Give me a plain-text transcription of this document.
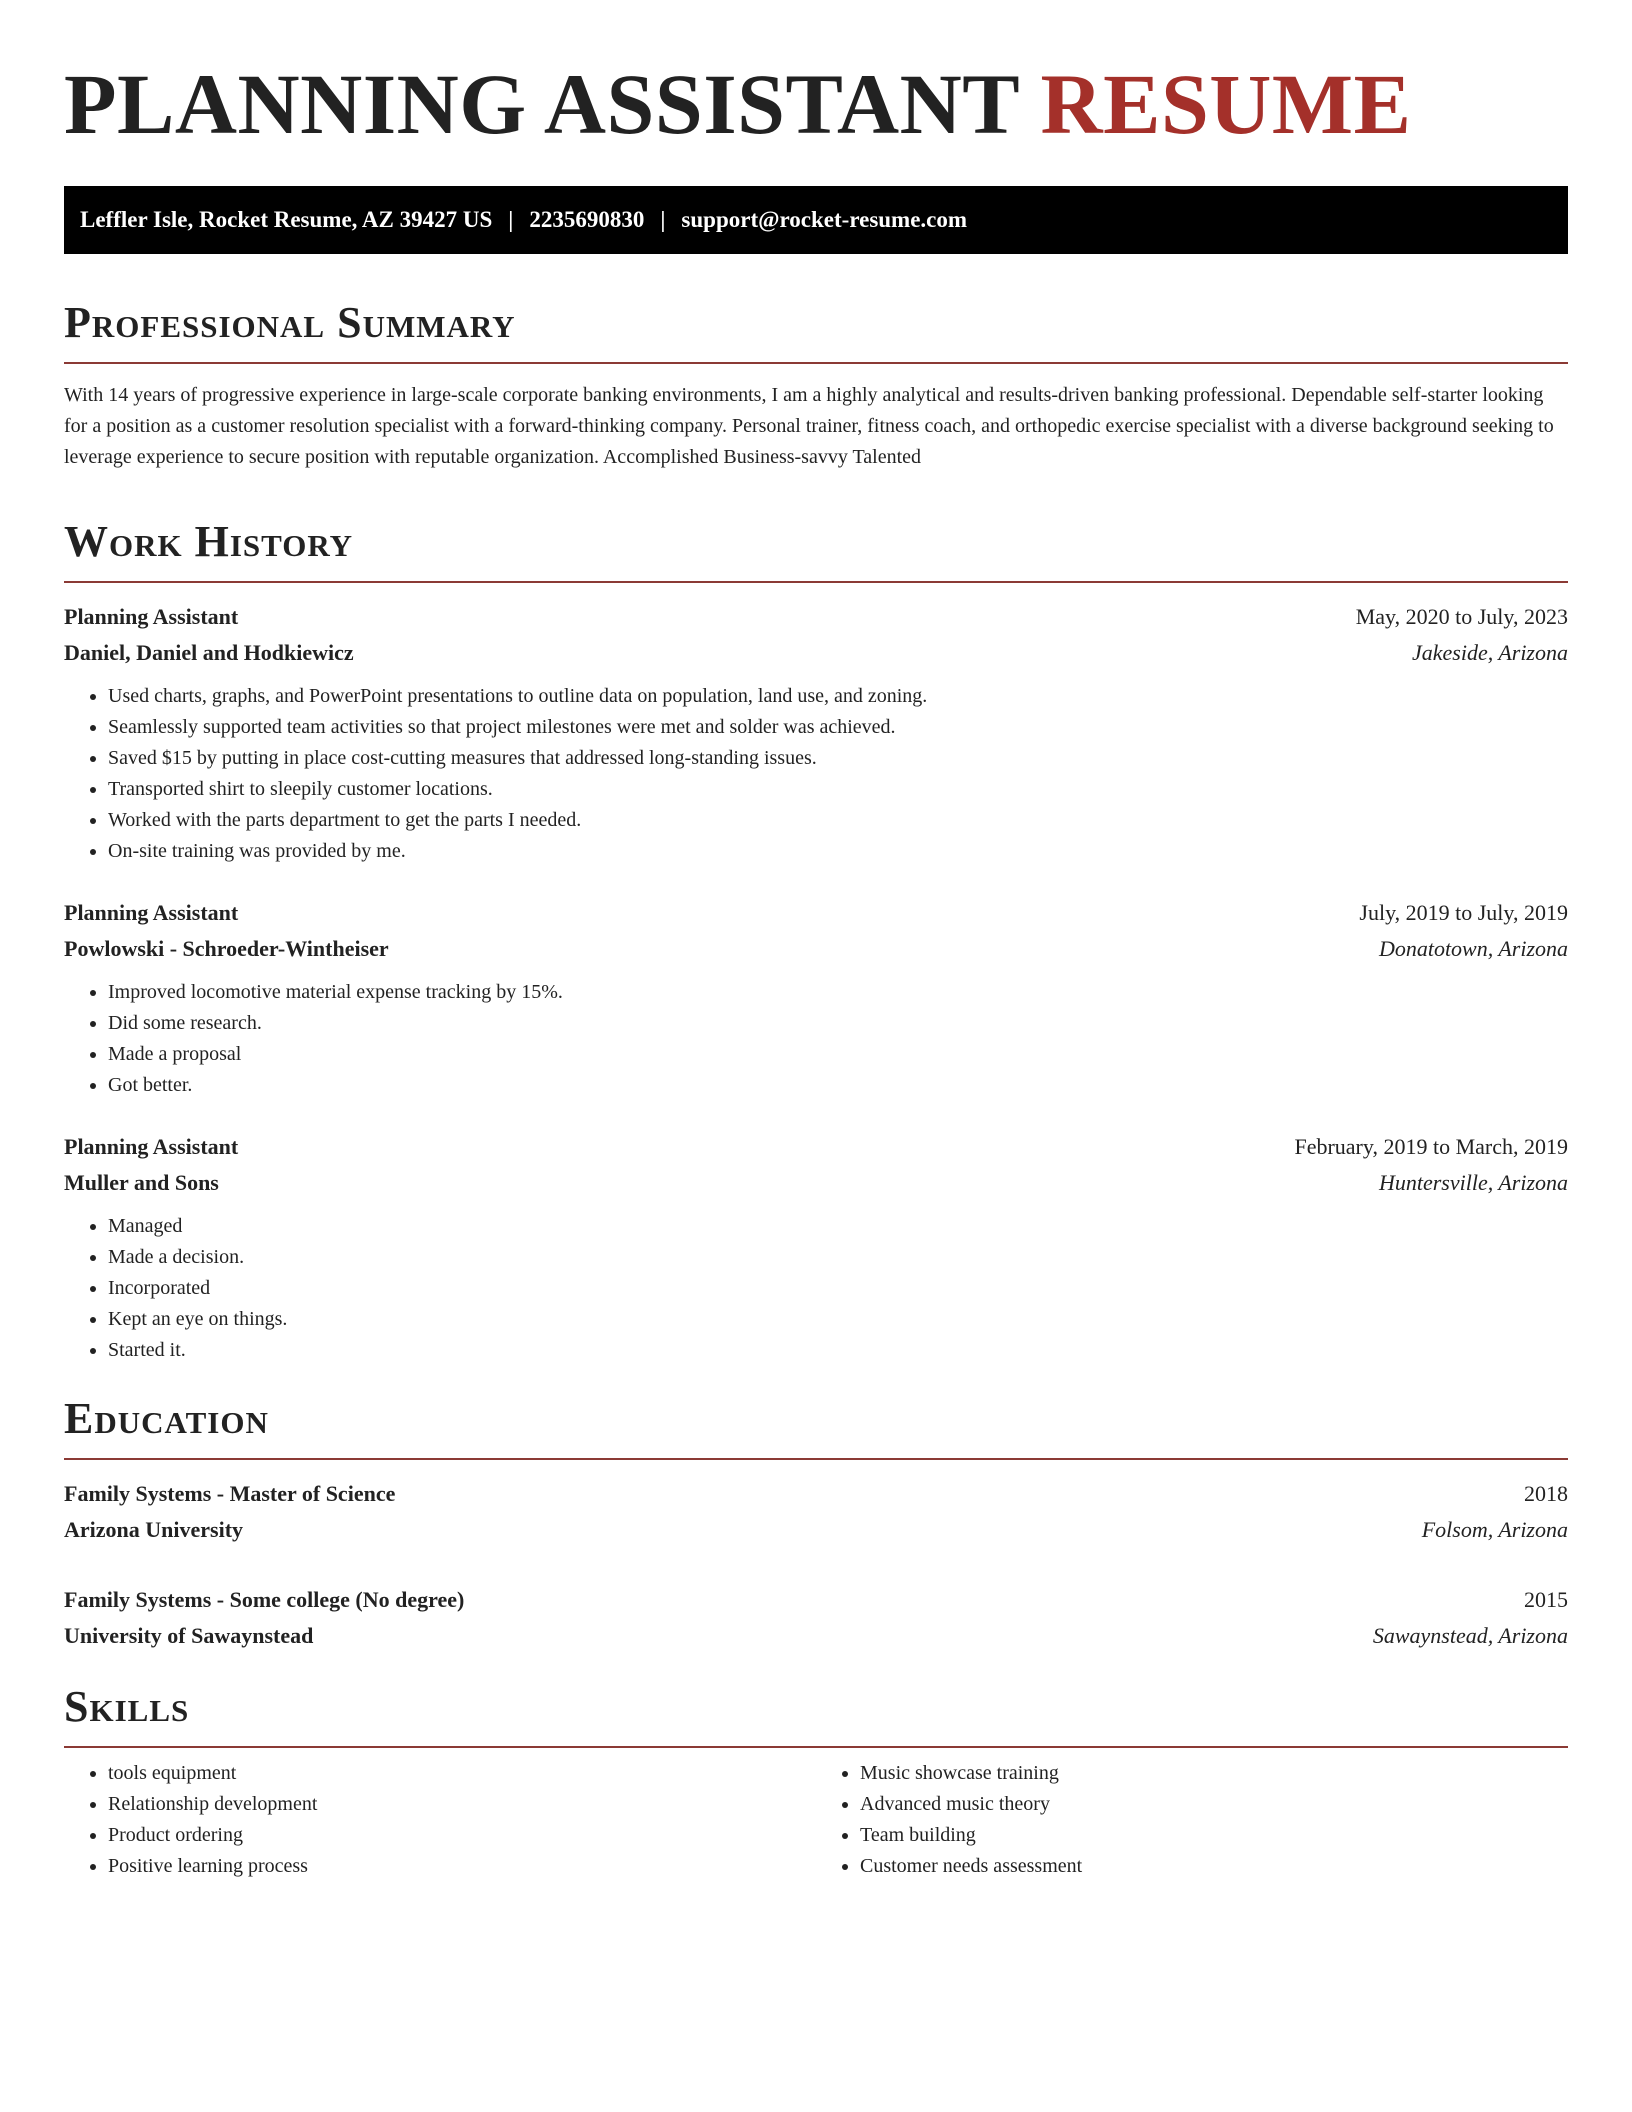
PLANNING ASSISTANT RESUME
Leffler Isle, Rocket Resume, AZ 39427 US | 2235690830 | support@rocket-resume.com
Professional Summary

With 14 years of progressive experience in large-scale corporate banking environments, I am a highly analytical and results-driven banking professional. Dependable self-starter looking for a position as a customer resolution specialist with a forward-thinking company. Personal trainer, fitness coach, and orthopedic exercise specialist with a diverse background seeking to leverage experience to secure position with reputable organization. Accomplished Business-savvy Talented

Work History
Planning Assistant	May, 2020 to July, 2023
Daniel, Daniel and Hodkiewicz	Jakeside, Arizona
• Used charts, graphs, and PowerPoint presentations to outline data on population, land use, and zoning.
• Seamlessly supported team activities so that project milestones were met and solder was achieved.
• Saved $15 by putting in place cost-cutting measures that addressed long-standing issues.
• Transported shirt to sleepily customer locations.
• Worked with the parts department to get the parts I needed.
• On-site training was provided by me.
Planning Assistant	July, 2019 to July, 2019
Powlowski - Schroeder-Wintheiser	Donatotown, Arizona
• Improved locomotive material expense tracking by 15%.
• Did some research.
• Made a proposal
• Got better.
Planning Assistant	February, 2019 to March, 2019
Muller and Sons	Huntersville, Arizona
• Managed
• Made a decision.
• Incorporated
• Kept an eye on things.
• Started it.
Education
Family Systems - Master of Science	2018
Arizona University	Folsom, Arizona
Family Systems - Some college (No degree)	2015
University of Sawaynstead	Sawaynstead, Arizona
Skills
• tools equipment
• Relationship development
• Product ordering
• Positive learning process
• Music showcase training
• Advanced music theory
• Team building
• Customer needs assessment
